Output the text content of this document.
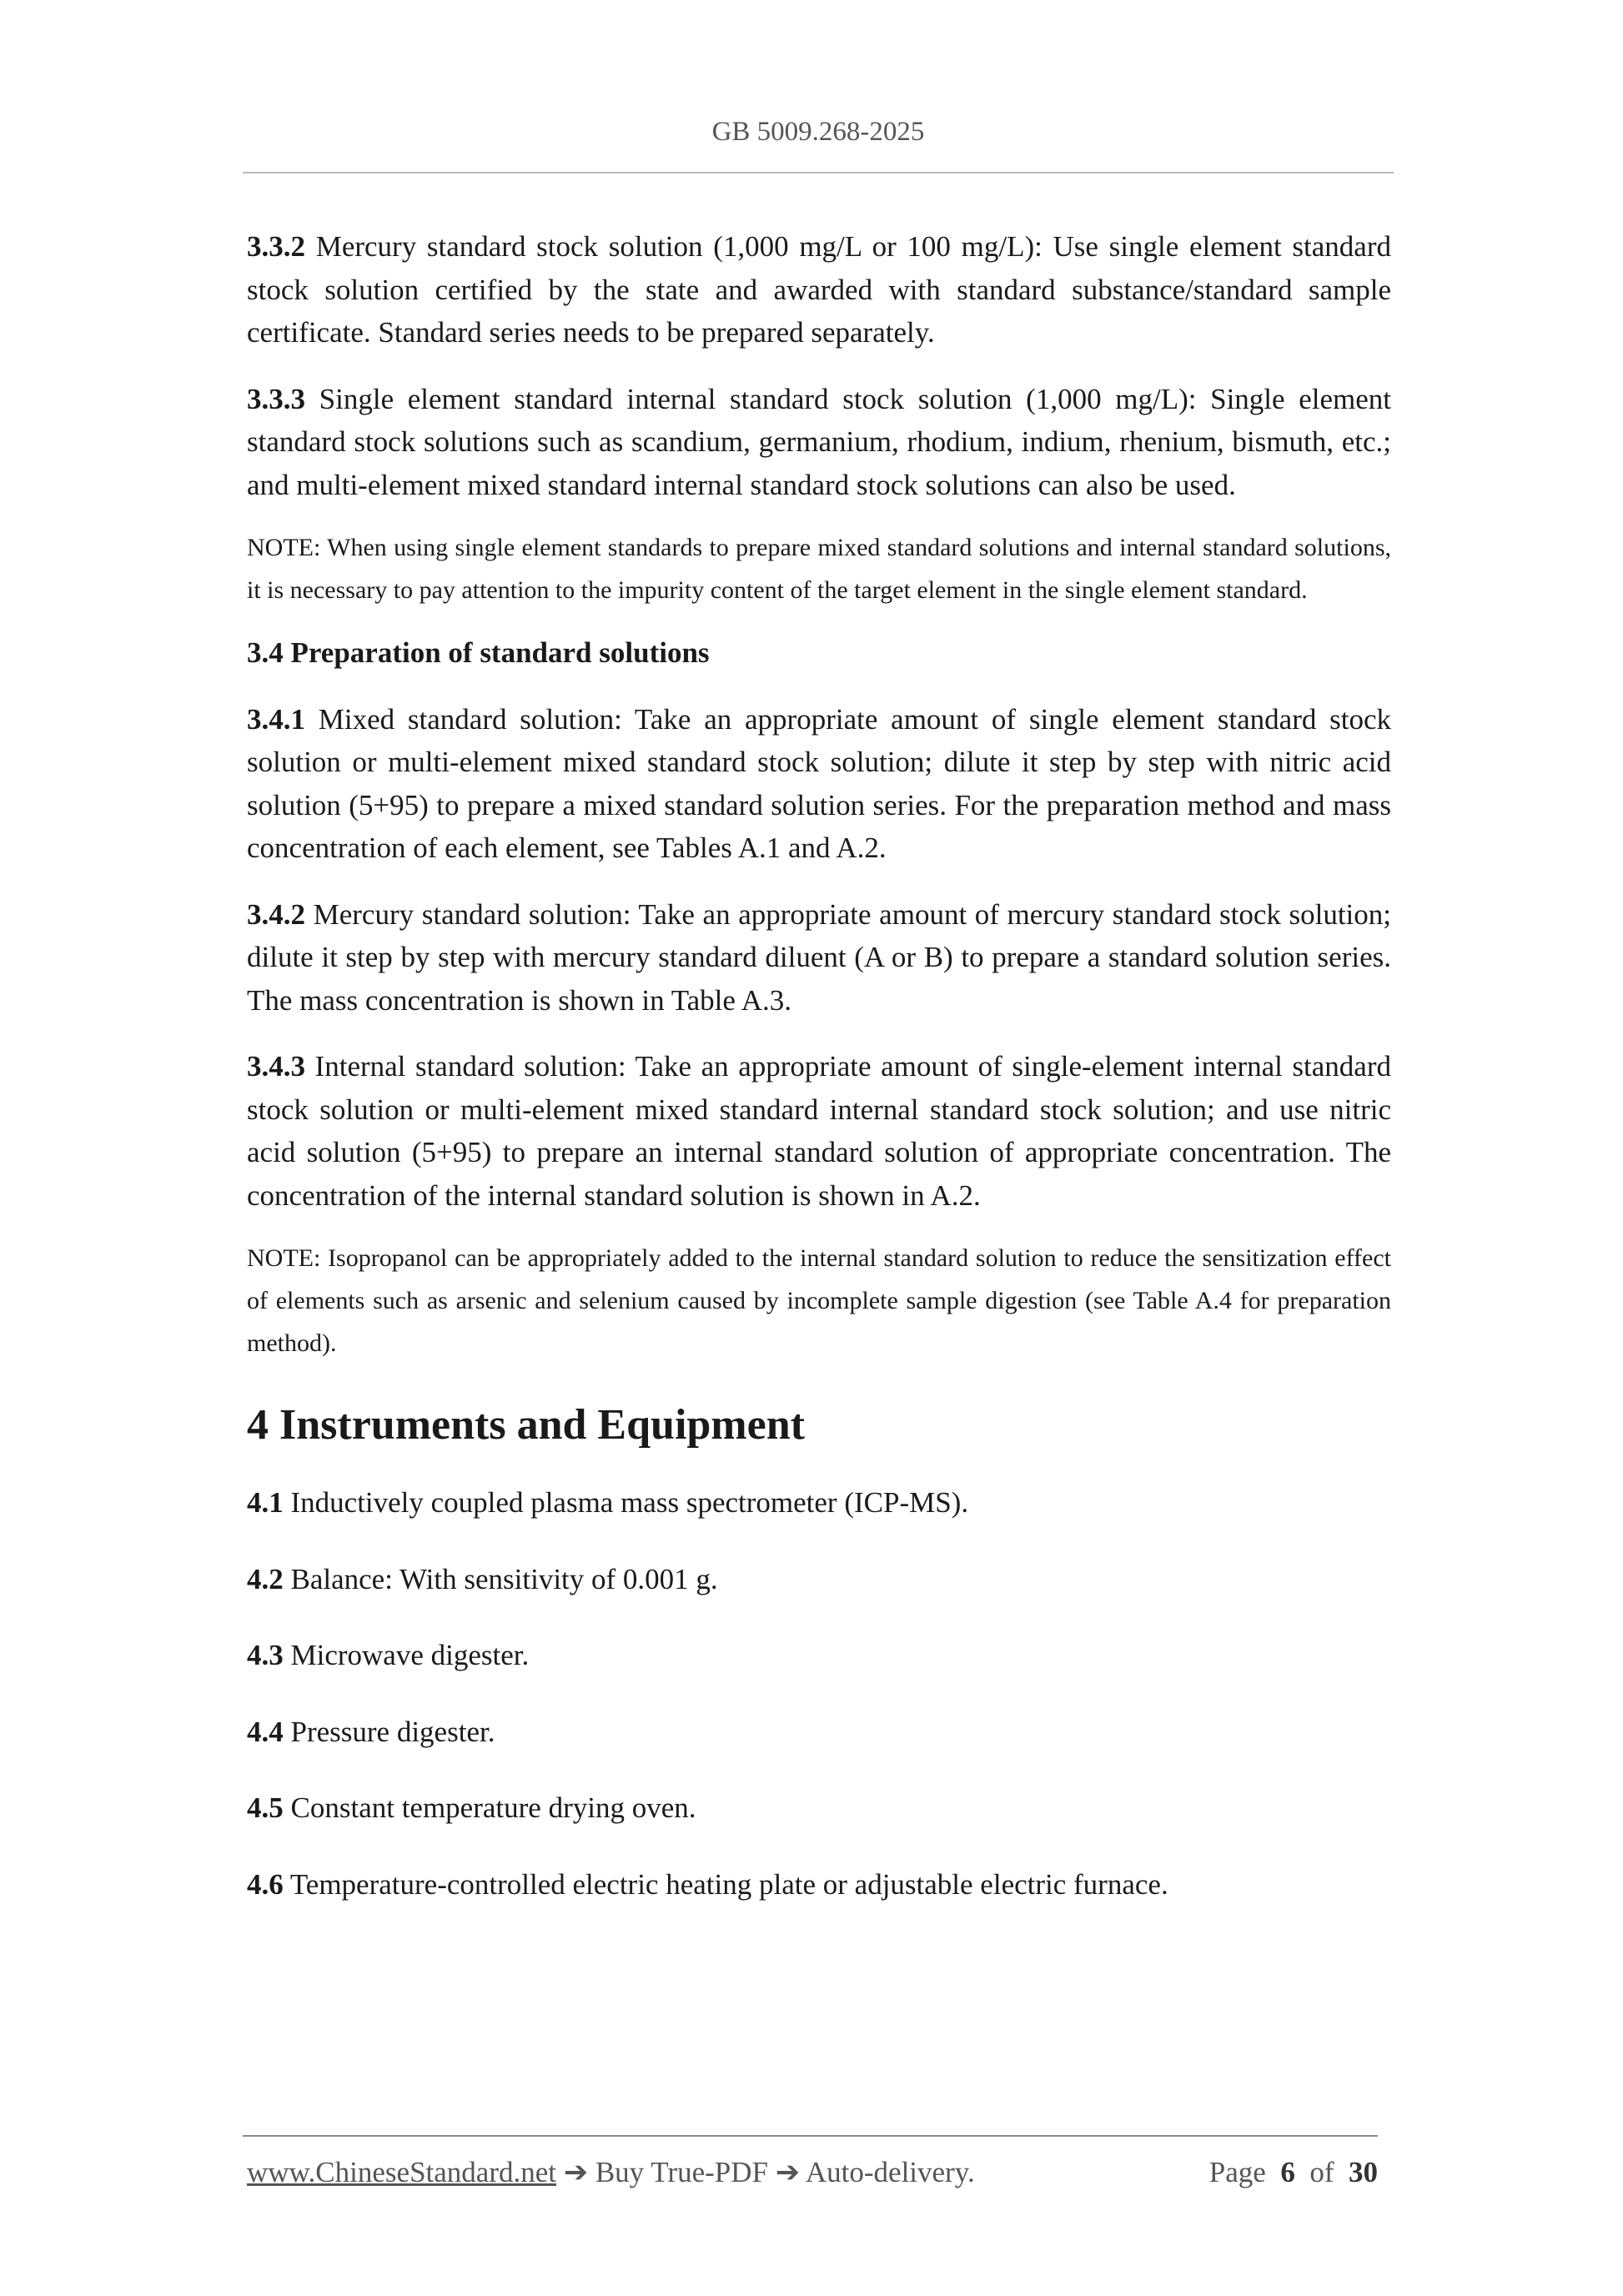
GB 5009.268-2025

3.3.2 Mercury standard stock solution (1,000 mg/L or 100 mg/L): Use single element standard stock solution certified by the state and awarded with standard substance/standard sample certificate. Standard series needs to be prepared separately.

3.3.3 Single element standard internal standard stock solution (1,000 mg/L): Single element standard stock solutions such as scandium, germanium, rhodium, indium, rhenium, bismuth, etc.; and multi-element mixed standard internal standard stock solutions can also be used.

NOTE: When using single element standards to prepare mixed standard solutions and internal standard solutions, it is necessary to pay attention to the impurity content of the target element in the single element standard.

3.4 Preparation of standard solutions

3.4.1 Mixed standard solution: Take an appropriate amount of single element standard stock solution or multi-element mixed standard stock solution; dilute it step by step with nitric acid solution (5+95) to prepare a mixed standard solution series. For the preparation method and mass concentration of each element, see Tables A.1 and A.2.

3.4.2 Mercury standard solution: Take an appropriate amount of mercury standard stock solution; dilute it step by step with mercury standard diluent (A or B) to prepare a standard solution series. The mass concentration is shown in Table A.3.

3.4.3 Internal standard solution: Take an appropriate amount of single-element internal standard stock solution or multi-element mixed standard internal standard stock solution; and use nitric acid solution (5+95) to prepare an internal standard solution of appropriate concentration. The concentration of the internal standard solution is shown in A.2.

NOTE: Isopropanol can be appropriately added to the internal standard solution to reduce the sensitization effect of elements such as arsenic and selenium caused by incomplete sample digestion (see Table A.4 for preparation method).

4 Instruments and Equipment

4.1 Inductively coupled plasma mass spectrometer (ICP-MS).

4.2 Balance: With sensitivity of 0.001 g.

4.3 Microwave digester.

4.4 Pressure digester.

4.5 Constant temperature drying oven.

4.6 Temperature-controlled electric heating plate or adjustable electric furnace.

www.ChineseStandard.net ➔ Buy True-PDF ➔ Auto-delivery.	Page 6 of 30
